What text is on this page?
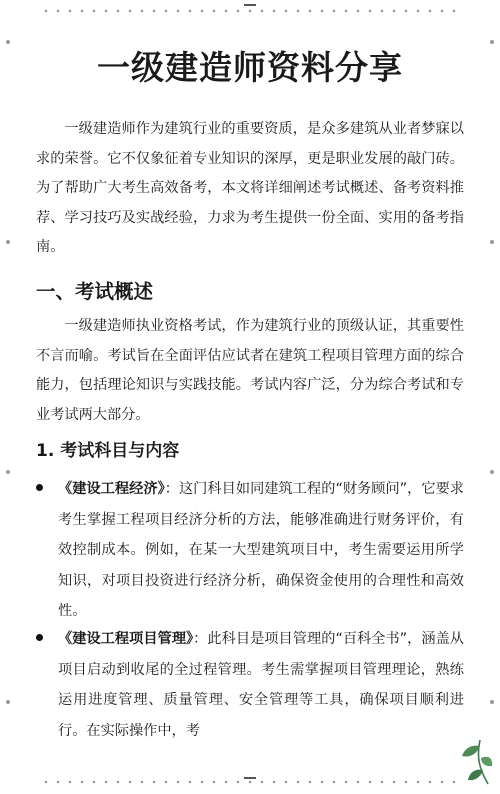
一级建造师资料分享

一级建造师作为建筑行业的重要资质，是众多建筑从业者梦寐以求的荣誉。它不仅象征着专业知识的深厚，更是职业发展的敲门砖。为了帮助广大考生高效备考，本文将详细阐述考试概述、备考资料推荐、学习技巧及实战经验，力求为考生提供一份全面、实用的备考指南。

一、考试概述

一级建造师执业资格考试，作为建筑行业的顶级认证，其重要性不言而喻。考试旨在全面评估应试者在建筑工程项目管理方面的综合能力，包括理论知识与实践技能。考试内容广泛，分为综合考试和专业考试两大部分。

1. 考试科目与内容

《建设工程经济》：这门科目如同建筑工程的“财务顾问”，它要求考生掌握工程项目经济分析的方法，能够准确进行财务评价，有效控制成本。例如，在某一大型建筑项目中，考生需要运用所学知识，对项目投资进行经济分析，确保资金使用的合理性和高效性。

《建设工程项目管理》：此科目是项目管理的“百科全书”，涵盖从项目启动到收尾的全过程管理。考生需掌握项目管理理论，熟练运用进度管理、质量管理、安全管理等工具，确保项目顺利进行。在实际操作中，考
